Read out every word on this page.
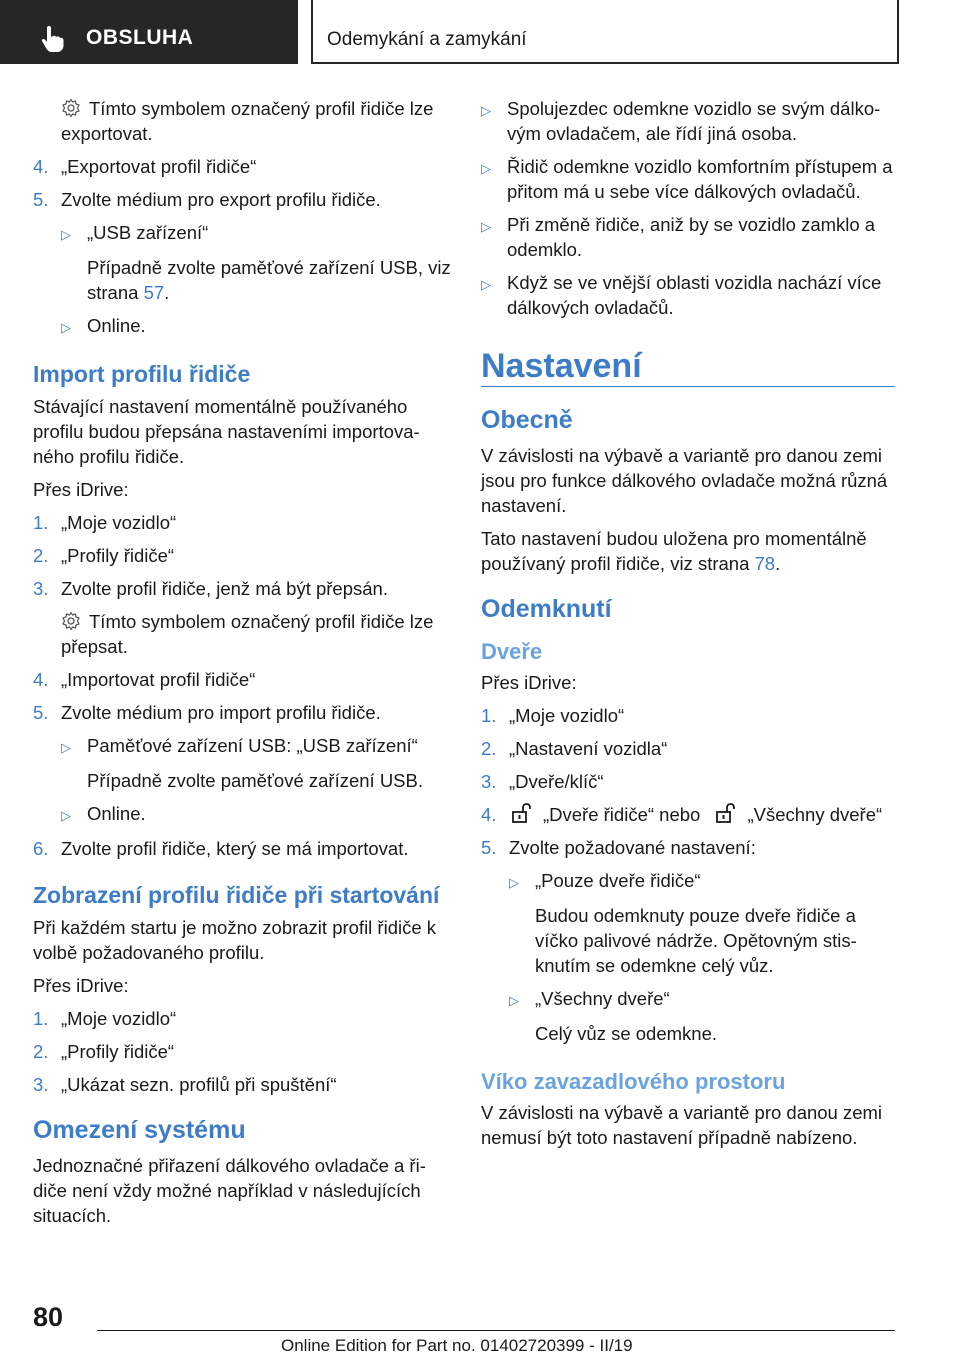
OBSLUHA	Odemykání a zamykání

Tímto symbolem označený profil řidiče lze exportovat.

4. „Exportovat profil řidiče“
5. Zvolte médium pro export profilu řidiče.
▷ „USB zařízení“

Případně zvolte paměťové zařízení USB, viz strana 57.

▷ Online.
Import profilu řidiče

Stávající nastavení momentálně používaného profilu budou přepsána nastaveními importova-ného profilu řidiče.

Přes iDrive:

1. „Moje vozidlo“
2. „Profily řidiče“
3. Zvolte profil řidiče, jenž má být přepsán.

Tímto symbolem označený profil řidiče lze přepsat.

4. „Importovat profil řidiče“
5. Zvolte médium pro import profilu řidiče.
▷ Paměťové zařízení USB: „USB zařízení“

Případně zvolte paměťové zařízení USB.

▷ Online.
6. Zvolte profil řidiče, který se má importovat.
Zobrazení profilu řidiče při startování

Při každém startu je možno zobrazit profil řidiče k volbě požadovaného profilu.

Přes iDrive:

1. „Moje vozidlo“
2. „Profily řidiče“
3. „Ukázat sezn. profilů při spuštění“
Omezení systému

Jednoznačné přiřazení dálkového ovladače a ři-diče není vždy možné například v následujících situacích.

▷ Spolujezdec odemkne vozidlo se svým dálko-vým ovladačem, ale řídí jiná osoba.
▷ Řidič odemkne vozidlo komfortním přístupem a přitom má u sebe více dálkových ovladačů.
▷ Při změně řidiče, aniž by se vozidlo zamklo a odemklo.
▷ Když se ve vnější oblasti vozidla nachází více dálkových ovladačů.
Nastavení
Obecně

V závislosti na výbavě a variantě pro danou zemi jsou pro funkce dálkového ovladače možná různá nastavení.

Tato nastavení budou uložena pro momentálně používaný profil řidiče, viz strana 78.

Odemknutí
Dveře

Přes iDrive:

1. „Moje vozidlo“
2. „Nastavení vozidla“
3. „Dveře/klíč“
4.	„Dveře řidiče“ nebo	„Všechny dveře“
5. Zvolte požadované nastavení:
▷ „Pouze dveře řidiče“

Budou odemknuty pouze dveře řidiče a víčko palivové nádrže. Opětovným stis-knutím se odemkne celý vůz.

▷ „Všechny dveře“

Celý vůz se odemkne.

Víko zavazadlového prostoru

V závislosti na výbavě a variantě pro danou zemi nemusí být toto nastavení případně nabízeno.

80
Online Edition for Part no. 01402720399 - II/19
